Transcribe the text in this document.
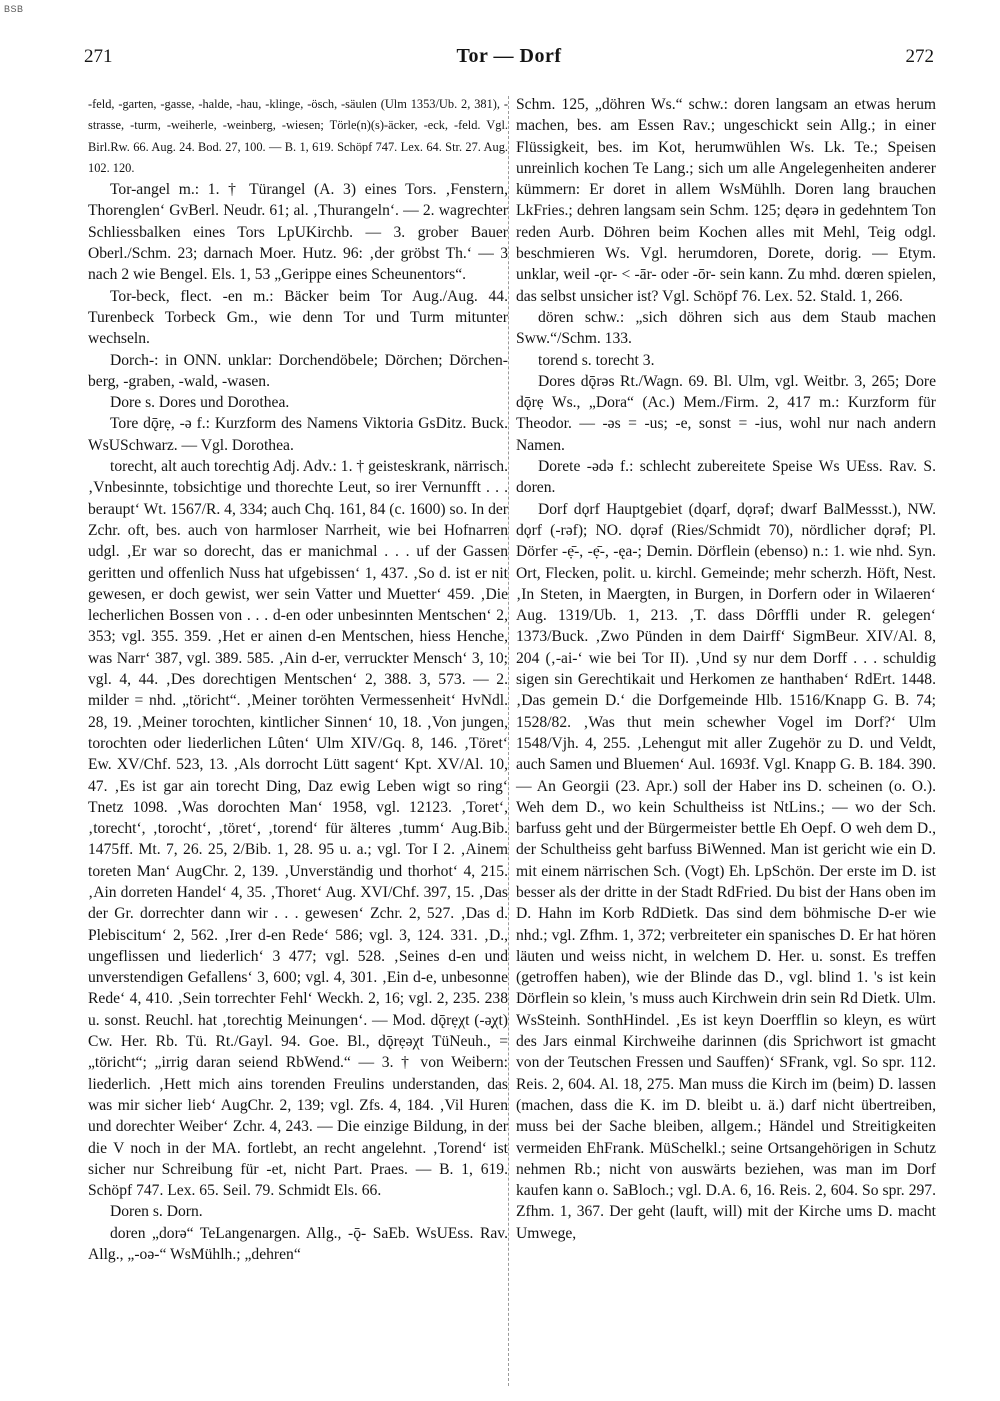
BSB
271	Tor — Dorf	272

-feld, -garten, -gasse, -halde, -hau, -klinge, -ösch, -säulen (Ulm 1353/Ub. 2, 381), -strasse, -turm, -weiherle, -weinberg, -wiesen; Törle(n)(s)-äcker, -eck, -feld. Vgl. Birl.Rw. 66. Aug. 24. Bod. 27, 100. — B. 1, 619. Schöpf 747. Lex. 64. Str. 27. Aug. 102. 120.

Tor-angel m.: 1. † Türangel (A. 3) eines Tors. ‚Fenstern, Thorenglen‘ GvBerl. Neudr. 61; al. ‚Thurangeln‘. — 2. wagrechter Schliessbalken eines Tors LpUKirchb. — 3. grober Bauer Oberl./Schm. 23; darnach Moer. Hutz. 96: ‚der gröbst Th.‘ — 3 nach 2 wie Bengel. Els. 1, 53 „Gerippe eines Scheunentors“.

Tor-beck, flect. -en m.: Bäcker beim Tor Aug./Aug. 44. Turenbeck Torbeck Gm., wie denn Tor und Turm mitunter wechseln.

Dorch-: in ONN. unklar: Dorchendöbele; Dörchen; Dörchen-berg, -graben, -wald, -wasen.

Dore s. Dores und Dorothea.

Tore dǭrẹ, -ə f.: Kurzform des Namens Viktoria GsDitz. Buck. WsUSchwarz. — Vgl. Dorothea.

torecht, alt auch torechtig Adj. Adv.: 1. † geisteskrank, närrisch. ‚Vnbesinnte, tobsichtige und thorechte Leut, so irer Vernunfft . . . beraupt‘ Wt. 1567/R. 4, 334; auch Chq. 161, 84 (c. 1600) so. In der Zchr. oft, bes. auch von harmloser Narrheit, wie bei Hofnarren udgl. ‚Er war so dorecht, das er manichmal . . . uf der Gassen geritten und offenlich Nuss hat ufgebissen‘ 1, 437. ‚So d. ist er nit gewesen, er doch gewist, wer sein Vatter und Muetter‘ 459. ‚Die lecherlichen Bossen von . . . d-en oder unbesinnten Mentschen‘ 2, 353; vgl. 355. 359. ‚Het er ainen d-en Mentschen, hiess Henche, was Narr‘ 387, vgl. 389. 585. ‚Ain d-er, verruckter Mensch‘ 3, 10; vgl. 4, 44. ‚Des dorechtigen Mentschen‘ 2, 388. 3, 573. — 2. milder = nhd. „töricht“. ‚Meiner toröhten Vermessenheit‘ HvNdl. 28, 19. ‚Meiner torochten, kintlicher Sinnen‘ 10, 18. ‚Von jungen, torochten oder liederlichen Lûten‘ Ulm XIV/Gq. 8, 146. ‚Töret‘ Ew. XV/Chf. 523, 13. ‚Als dorrocht Lütt sagent‘ Kpt. XV/Al. 10, 47. ‚Es ist gar ain torecht Ding, Daz ewig Leben wigt so ring‘ Tnetz 1098. ‚Was dorochten Man‘ 1958, vgl. 12123. ‚Toret‘, ‚torecht‘, ‚torocht‘, ‚töret‘, ‚torend‘ für älteres ‚tumm‘ Aug.Bib. 1475ff. Mt. 7, 26. 25, 2/Bib. 1, 28. 95 u. a.; vgl. Tor I 2. ‚Ainem toreten Man‘ AugChr. 2, 139. ‚Unverständig und thorhot‘ 4, 215. ‚Ain dorreten Handel‘ 4, 35. ‚Thoret‘ Aug. XVI/Chf. 397, 15. ‚Das der Gr. dorrechter dann wir . . . gewesen‘ Zchr. 2, 527. ‚Das d. Plebiscitum‘ 2, 562. ‚Irer d-en Rede‘ 586; vgl. 3, 124. 331. ‚D., ungeflissen und liederlich‘ 3 477; vgl. 528. ‚Seines d-en und unverstendigen Gefallens‘ 3, 600; vgl. 4, 301. ‚Ein d-e, unbesonne Rede‘ 4, 410. ‚Sein torrechter Fehl‘ Weckh. 2, 16; vgl. 2, 235. 238 u. sonst. Reuchl. hat ‚torechtig Meinungen‘. — Mod. dǭrẹχt (-ə̣χt) Cw. Her. Rb. Tü. Rt./Gayl. 94. Goe. Bl., dǭrẹəχt TüNeuh., = „töricht“; „irrig daran seiend RbWend.“ — 3. † von Weibern: liederlich. ‚Hett mich ains torenden Freulins understanden, das was mir sicher lieb‘ AugChr. 2, 139; vgl. Zfs. 4, 184. ‚Vil Huren und dorechter Weiber‘ Zchr. 4, 243. — Die einzige Bildung, in der die V noch in der MA. fortlebt, an recht angelehnt. ‚Torend‘ ist sicher nur Schreibung für -et, nicht Part. Praes. — B. 1, 619. Schöpf 747. Lex. 65. Seil. 79. Schmidt Els. 66.

Doren s. Dorn.

doren „dorə“ TeLangenargen. Allg., -ǭ- SaEb. WsUEss. Rav. Allg., „-oə-“ WsMühlh.; „dehren“

Schm. 125, „döhren Ws.“ schw.: doren langsam an etwas herum machen, bes. am Essen Rav.; ungeschickt sein Allg.; in einer Flüssigkeit, bes. im Kot, herumwühlen Ws. Lk. Te.; Speisen unreinlich kochen Te Lang.; sich um alle Angelegenheiten anderer kümmern: Er doret in allem WsMühlh. Doren lang brauchen LkFries.; dehren langsam sein Schm. 125; dęərə in gedehntem Ton reden Aurb. Döhren beim Kochen alles mit Mehl, Teig odgl. beschmieren Ws. Vgl. herumdoren, Dorete, dorig. — Etym. unklar, weil -ǫr- < -ār- oder -ōr- sein kann. Zu mhd. dœren spielen, das selbst unsicher ist? Vgl. Schöpf 76. Lex. 52. Stald. 1, 266.

dören schw.: „sich döhren sich aus dem Staub machen Sww.“/Schm. 133.

torend s. torecht 3.

Dores dǭrəs Rt./Wagn. 69. Bl. Ulm, vgl. Weitbr. 3, 265; Dore dǭrẹ Ws., „Dora“ (Ac.) Mem./Firm. 2, 417 m.: Kurzform für Theodor. — -əs = -us; -e, sonst = -ius, wohl nur nach andern Namen.

Dorete -ədə f.: schlecht zubereitete Speise Ws UEss. Rav. S. doren.

Dorf dǫrf Hauptgebiet (dǫarf, dǫrəf; dwarf BalMessst.), NW. dǫrf (-rəf); NO. dǫrəf (Ries/Schmidt 70), nördlicher dǫrəf; Pl. Dörfer -ẹ̄-, -ẹ̄-, -ęa-; Demin. Dörflein (ebenso) n.: 1. wie nhd. Syn. Ort, Flecken, polit. u. kirchl. Gemeinde; mehr scherzh. Höft, Nest. ‚In Steten, in Maergten, in Burgen, in Dorfern oder in Wilaeren‘ Aug. 1319/Ub. 1, 213. ‚T. dass Dôrffli under R. gelegen‘ 1373/Buck. ‚Zwo Pünden in dem Dairff‘ SigmBeur. XIV/Al. 8, 204 (‚-ai-‘ wie bei Tor II). ‚Und sy nur dem Dorff . . . schuldig sigen sin Gerechtikait und Herkomen ze hanthaben‘ RdErt. 1448. ‚Das gemein D.‘ die Dorfgemeinde Hlb. 1516/Knapp G. B. 74; 1528/82. ‚Was thut mein schewher Vogel im Dorf?‘ Ulm 1548/Vjh. 4, 255. ‚Lehengut mit aller Zugehör zu D. und Veldt, auch Samen und Bluemen‘ Aul. 1693f. Vgl. Knapp G. B. 184. 390. — An Georgii (23. Apr.) soll der Haber ins D. scheinen (o. O.). Weh dem D., wo kein Schultheiss ist NtLins.; — wo der Sch. barfuss geht und der Bürgermeister bettle Eh Oepf. O weh dem D., der Schultheiss geht barfuss BiWenned. Man ist gericht wie ein D. mit einem närrischen Sch. (Vogt) Eh. LpSchön. Der erste im D. ist besser als der dritte in der Stadt RdFried. Du bist der Hans oben im D. Hahn im Korb RdDietk. Das sind dem böhmische D-er wie nhd.; vgl. Zfhm. 1, 372; verbreiteter ein spanisches D. Er hat hören läuten und weiss nicht, in welchem D. Her. u. sonst. Es treffen (getroffen haben), wie der Blinde das D., vgl. blind 1. 's ist kein Dörflein so klein, 's muss auch Kirchwein drin sein Rd Dietk. Ulm. WsSteinh. SonthHindel. ‚Es ist keyn Doerfflin so kleyn, es würt des Jars einmal Kirchweihe darinnen (dis Sprichwort ist gmacht von der Teutschen Fressen und Sauffen)‘ SFrank, vgl. So spr. 112. Reis. 2, 604. Al. 18, 275. Man muss die Kirch im (beim) D. lassen (machen, dass die K. im D. bleibt u. ä.) darf nicht übertreiben, muss bei der Sache bleiben, allgem.; Händel und Streitigkeiten vermeiden EhFrank. MüSchelkl.; seine Ortsangehörigen in Schutz nehmen Rb.; nicht von auswärts beziehen, was man im Dorf kaufen kann o. SaBloch.; vgl. D.A. 6, 16. Reis. 2, 604. So spr. 297. Zfhm. 1, 367. Der geht (lauft, will) mit der Kirche ums D. macht Umwege,
